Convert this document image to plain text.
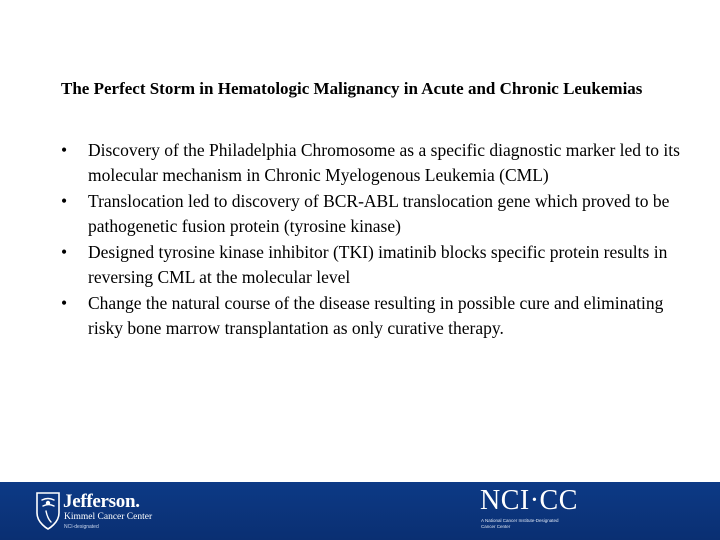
The Perfect Storm in Hematologic Malignancy in Acute and Chronic Leukemias
• Discovery of the Philadelphia Chromosome as a specific diagnostic marker led to its molecular mechanism in Chronic Myelogenous Leukemia (CML)
• Translocation led to discovery of BCR-ABL translocation gene which proved to be pathogenetic fusion protein (tyrosine kinase)
• Designed tyrosine kinase inhibitor (TKI) imatinib blocks specific protein results in reversing CML at the molecular level
• Change the natural course of the disease resulting in possible cure and eliminating risky bone marrow transplantation as only curative therapy.
Jefferson.
Kimmel Cancer Center
NCI-designated
NCI·CC
A National Cancer Institute-Designated Cancer Center
